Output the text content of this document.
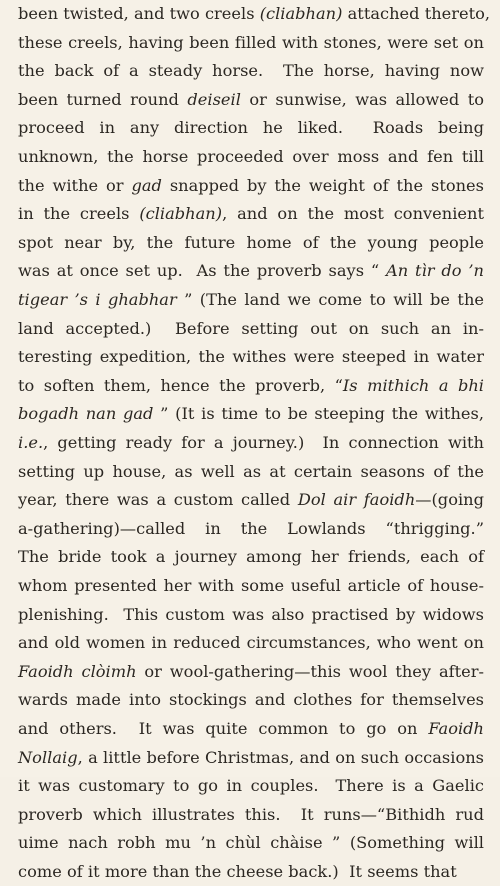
been twisted, and two creels (cliabhan) attached thereto,
these creels, having been filled with stones, were set on
the back of a steady horse.  The horse, having now
been turned round deiseil or sunwise, was allowed to
proceed in any direction he liked.  Roads being
unknown, the horse proceeded over moss and fen till
the withe or gad snapped by the weight of the stones
in the creels (cliabhan), and on the most convenient
spot near by, the future home of the young people
was at once set up.  As the proverb says “ An tìr do ’n
tigear ’s i ghabhar ” (The land we come to will be the
land accepted.)  Before setting out on such an in-
teresting expedition, the withes were steeped in water
to soften them, hence the proverb, “Is mithich a bhi
bogadh nan gad ” (It is time to be steeping the withes,
i.e., getting ready for a journey.)  In connection with
setting up house, as well as at certain seasons of the
year, there was a custom called Dol air faoidh—(going
a-gathering)—called in the Lowlands “thrigging.”
The bride took a journey among her friends, each of
whom presented her with some useful article of house-
plenishing.  This custom was also practised by widows
and old women in reduced circumstances, who went on
Faoidh clòimh or wool-gathering—this wool they after-
wards made into stockings and clothes for themselves
and others.  It was quite common to go on Faoidh
Nollaig, a little before Christmas, and on such occasions
it was customary to go in couples.  There is a Gaelic
proverb which illustrates this.  It runs—“Bithidh rud
uime nach robh mu ’n chùl chàise ” (Something will
come of it more than the cheese back.)  It seems that
